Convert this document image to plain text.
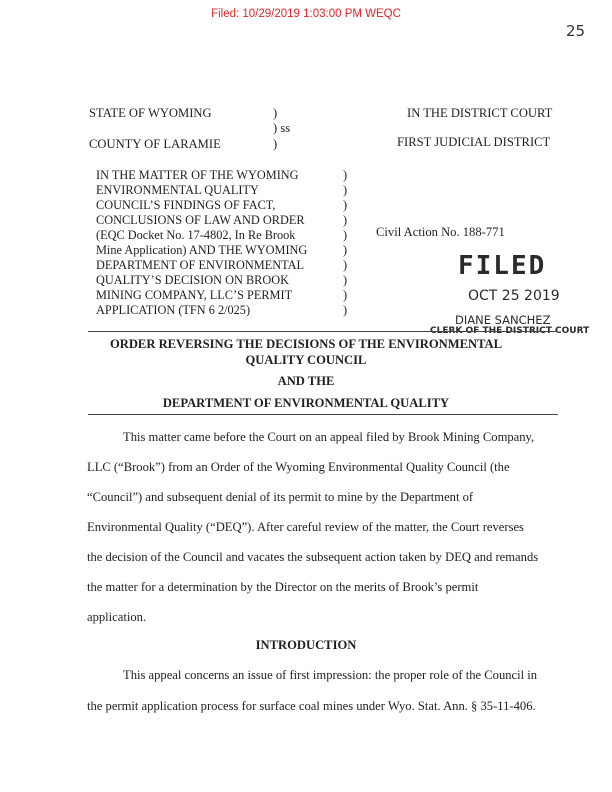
Filed: 10/29/2019 1:03:00 PM WEQC
25
STATE OF WYOMING	)
) ss
COUNTY OF LARAMIE	)
IN THE DISTRICT COURT
FIRST JUDICIAL DISTRICT
IN THE MATTER OF THE WYOMING
ENVIRONMENTAL QUALITY
COUNCIL’S FINDINGS OF FACT,
CONCLUSIONS OF LAW AND ORDER
(EQC Docket No. 17-4802, In Re Brook
Mine Application) AND THE WYOMING
DEPARTMENT OF ENVIRONMENTAL
QUALITY’S DECISION ON BROOK
MINING COMPANY, LLC’S PERMIT
APPLICATION (TFN 6 2/025)
)
)
)
)
)
)
)
)
)
)
Civil Action No. 188-771
FILED
OCT 25 2019
DIANE SANCHEZ
CLERK OF THE DISTRICT COURT
ORDER REVERSING THE DECISIONS OF THE ENVIRONMENTAL
QUALITY COUNCIL
AND THE
DEPARTMENT OF ENVIRONMENTAL QUALITY
This matter came before the Court on an appeal filed by Brook Mining Company,
LLC (“Brook”) from an Order of the Wyoming Environmental Quality Council (the
“Council”) and subsequent denial of its permit to mine by the Department of
Environmental Quality (“DEQ”). After careful review of the matter, the Court reverses
the decision of the Council and vacates the subsequent action taken by DEQ and remands
the matter for a determination by the Director on the merits of Brook’s permit
application.
INTRODUCTION
This appeal concerns an issue of first impression: the proper role of the Council in
the permit application process for surface coal mines under Wyo. Stat. Ann. § 35-11-406.
